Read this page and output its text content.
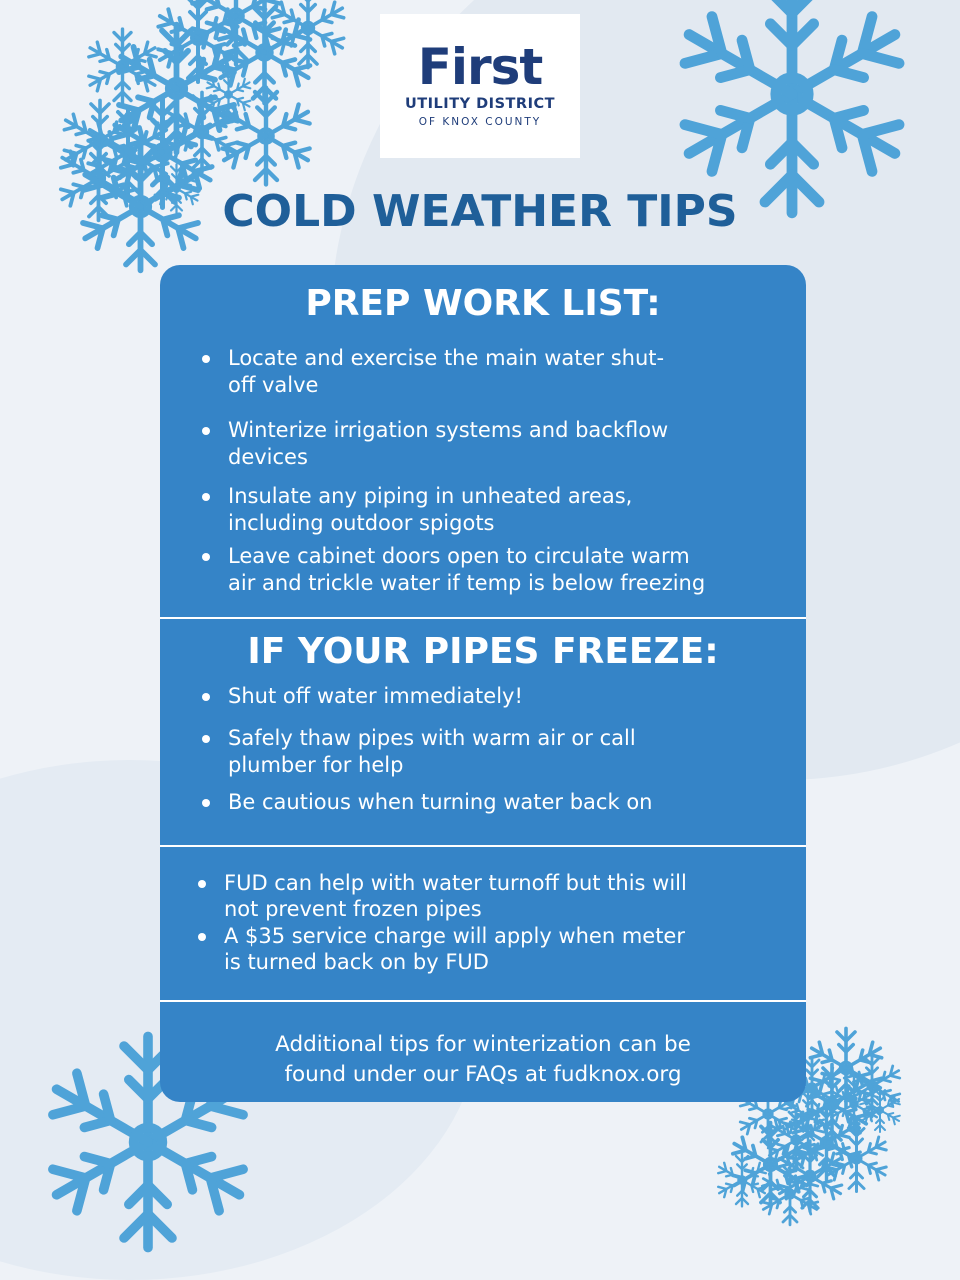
First
UTILITY DISTRICT
OF KNOX COUNTY
COLD WEATHER TIPS
PREP WORK LIST:
Locate and exercise the main water shut-
off valve
Winterize irrigation systems and backflow
devices
Insulate any piping in unheated areas,
including outdoor spigots
Leave cabinet doors open to circulate warm
air and trickle water if temp is below freezing
IF YOUR PIPES FREEZE:
Shut off water immediately!
Safely thaw pipes with warm air or call
plumber for help
Be cautious when turning water back on
FUD can help with water turnoff but this will
not prevent frozen pipes
A $35 service charge will apply when meter
is turned back on by FUD
Additional tips for winterization can be
found under our FAQs at fudknox.org
